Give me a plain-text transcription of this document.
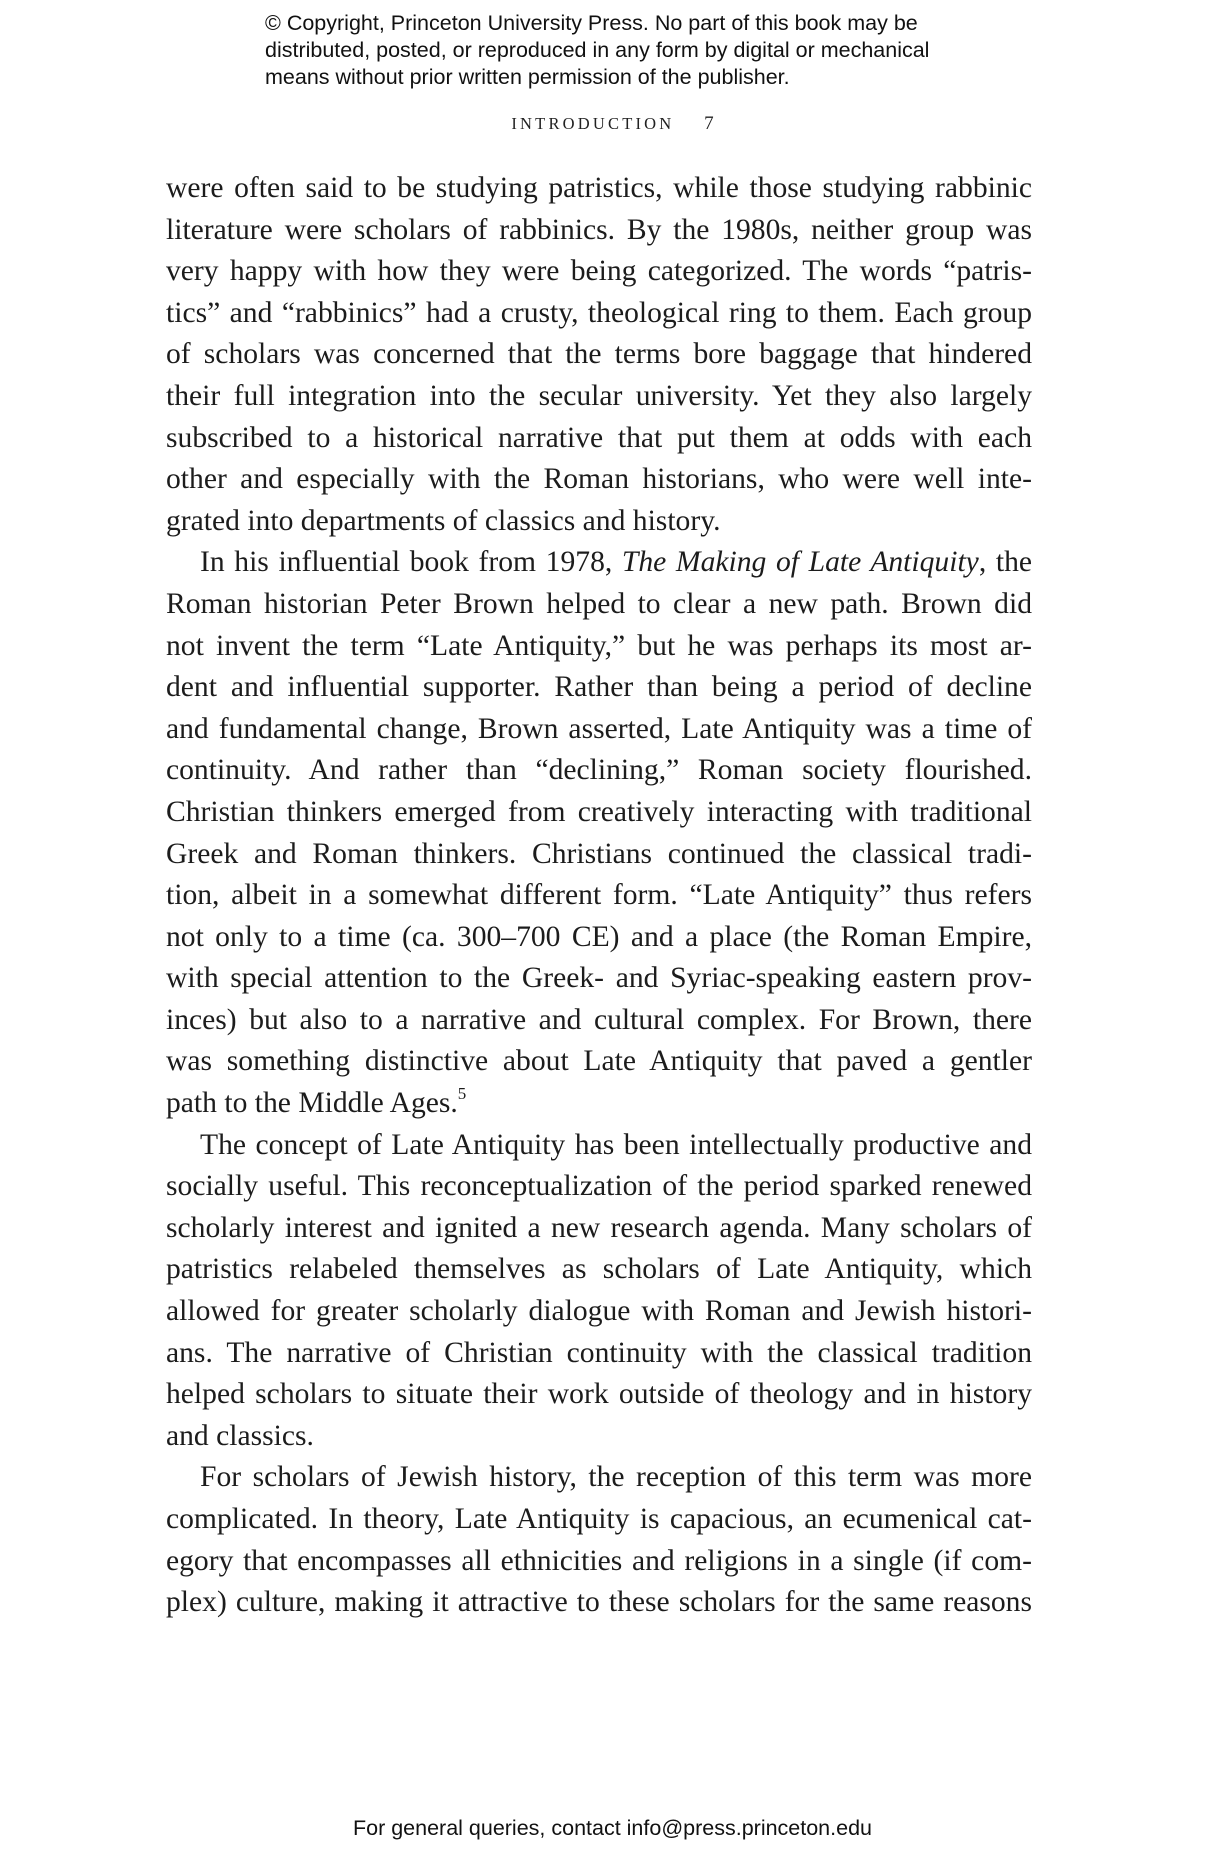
© Copyright, Princeton University Press. No part of this book may be
distributed, posted, or reproduced in any form by digital or mechanical
means without prior written permission of the publisher.
INTRODUCTION 7
were often said to be studying patristics, while those studying rabbinic
literature were scholars of rabbinics. By the 1980s, neither group was
very happy with how they were being categorized. The words “patris-
tics” and “rabbinics” had a crusty, theological ring to them. Each group
of scholars was concerned that the terms bore baggage that hindered
their full integration into the secular university. Yet they also largely
subscribed to a historical narrative that put them at odds with each
other and especially with the Roman historians, who were well inte-
grated into departments of classics and history.
In his influential book from 1978, The Making of Late Antiquity, the
Roman historian Peter Brown helped to clear a new path. Brown did
not invent the term “Late Antiquity,” but he was perhaps its most ar-
dent and influential supporter. Rather than being a period of decline
and fundamental change, Brown asserted, Late Antiquity was a time of
continuity. And rather than “declining,” Roman society flourished.
Christian thinkers emerged from creatively interacting with traditional
Greek and Roman thinkers. Christians continued the classical tradi-
tion, albeit in a somewhat different form. “Late Antiquity” thus refers
not only to a time (ca. 300–700 CE) and a place (the Roman Empire,
with special attention to the Greek- and Syriac-speaking eastern prov-
inces) but also to a narrative and cultural complex. For Brown, there
was something distinctive about Late Antiquity that paved a gentler
path to the Middle Ages.$^5$
The concept of Late Antiquity has been intellectually productive and
socially useful. This reconceptualization of the period sparked renewed
scholarly interest and ignited a new research agenda. Many scholars of
patristics relabeled themselves as scholars of Late Antiquity, which
allowed for greater scholarly dialogue with Roman and Jewish histori-
ans. The narrative of Christian continuity with the classical tradition
helped scholars to situate their work outside of theology and in history
and classics.
For scholars of Jewish history, the reception of this term was more
complicated. In theory, Late Antiquity is capacious, an ecumenical cat-
egory that encompasses all ethnicities and religions in a single (if com-
plex) culture, making it attractive to these scholars for the same reasons
For general queries, contact info@press.princeton.edu
